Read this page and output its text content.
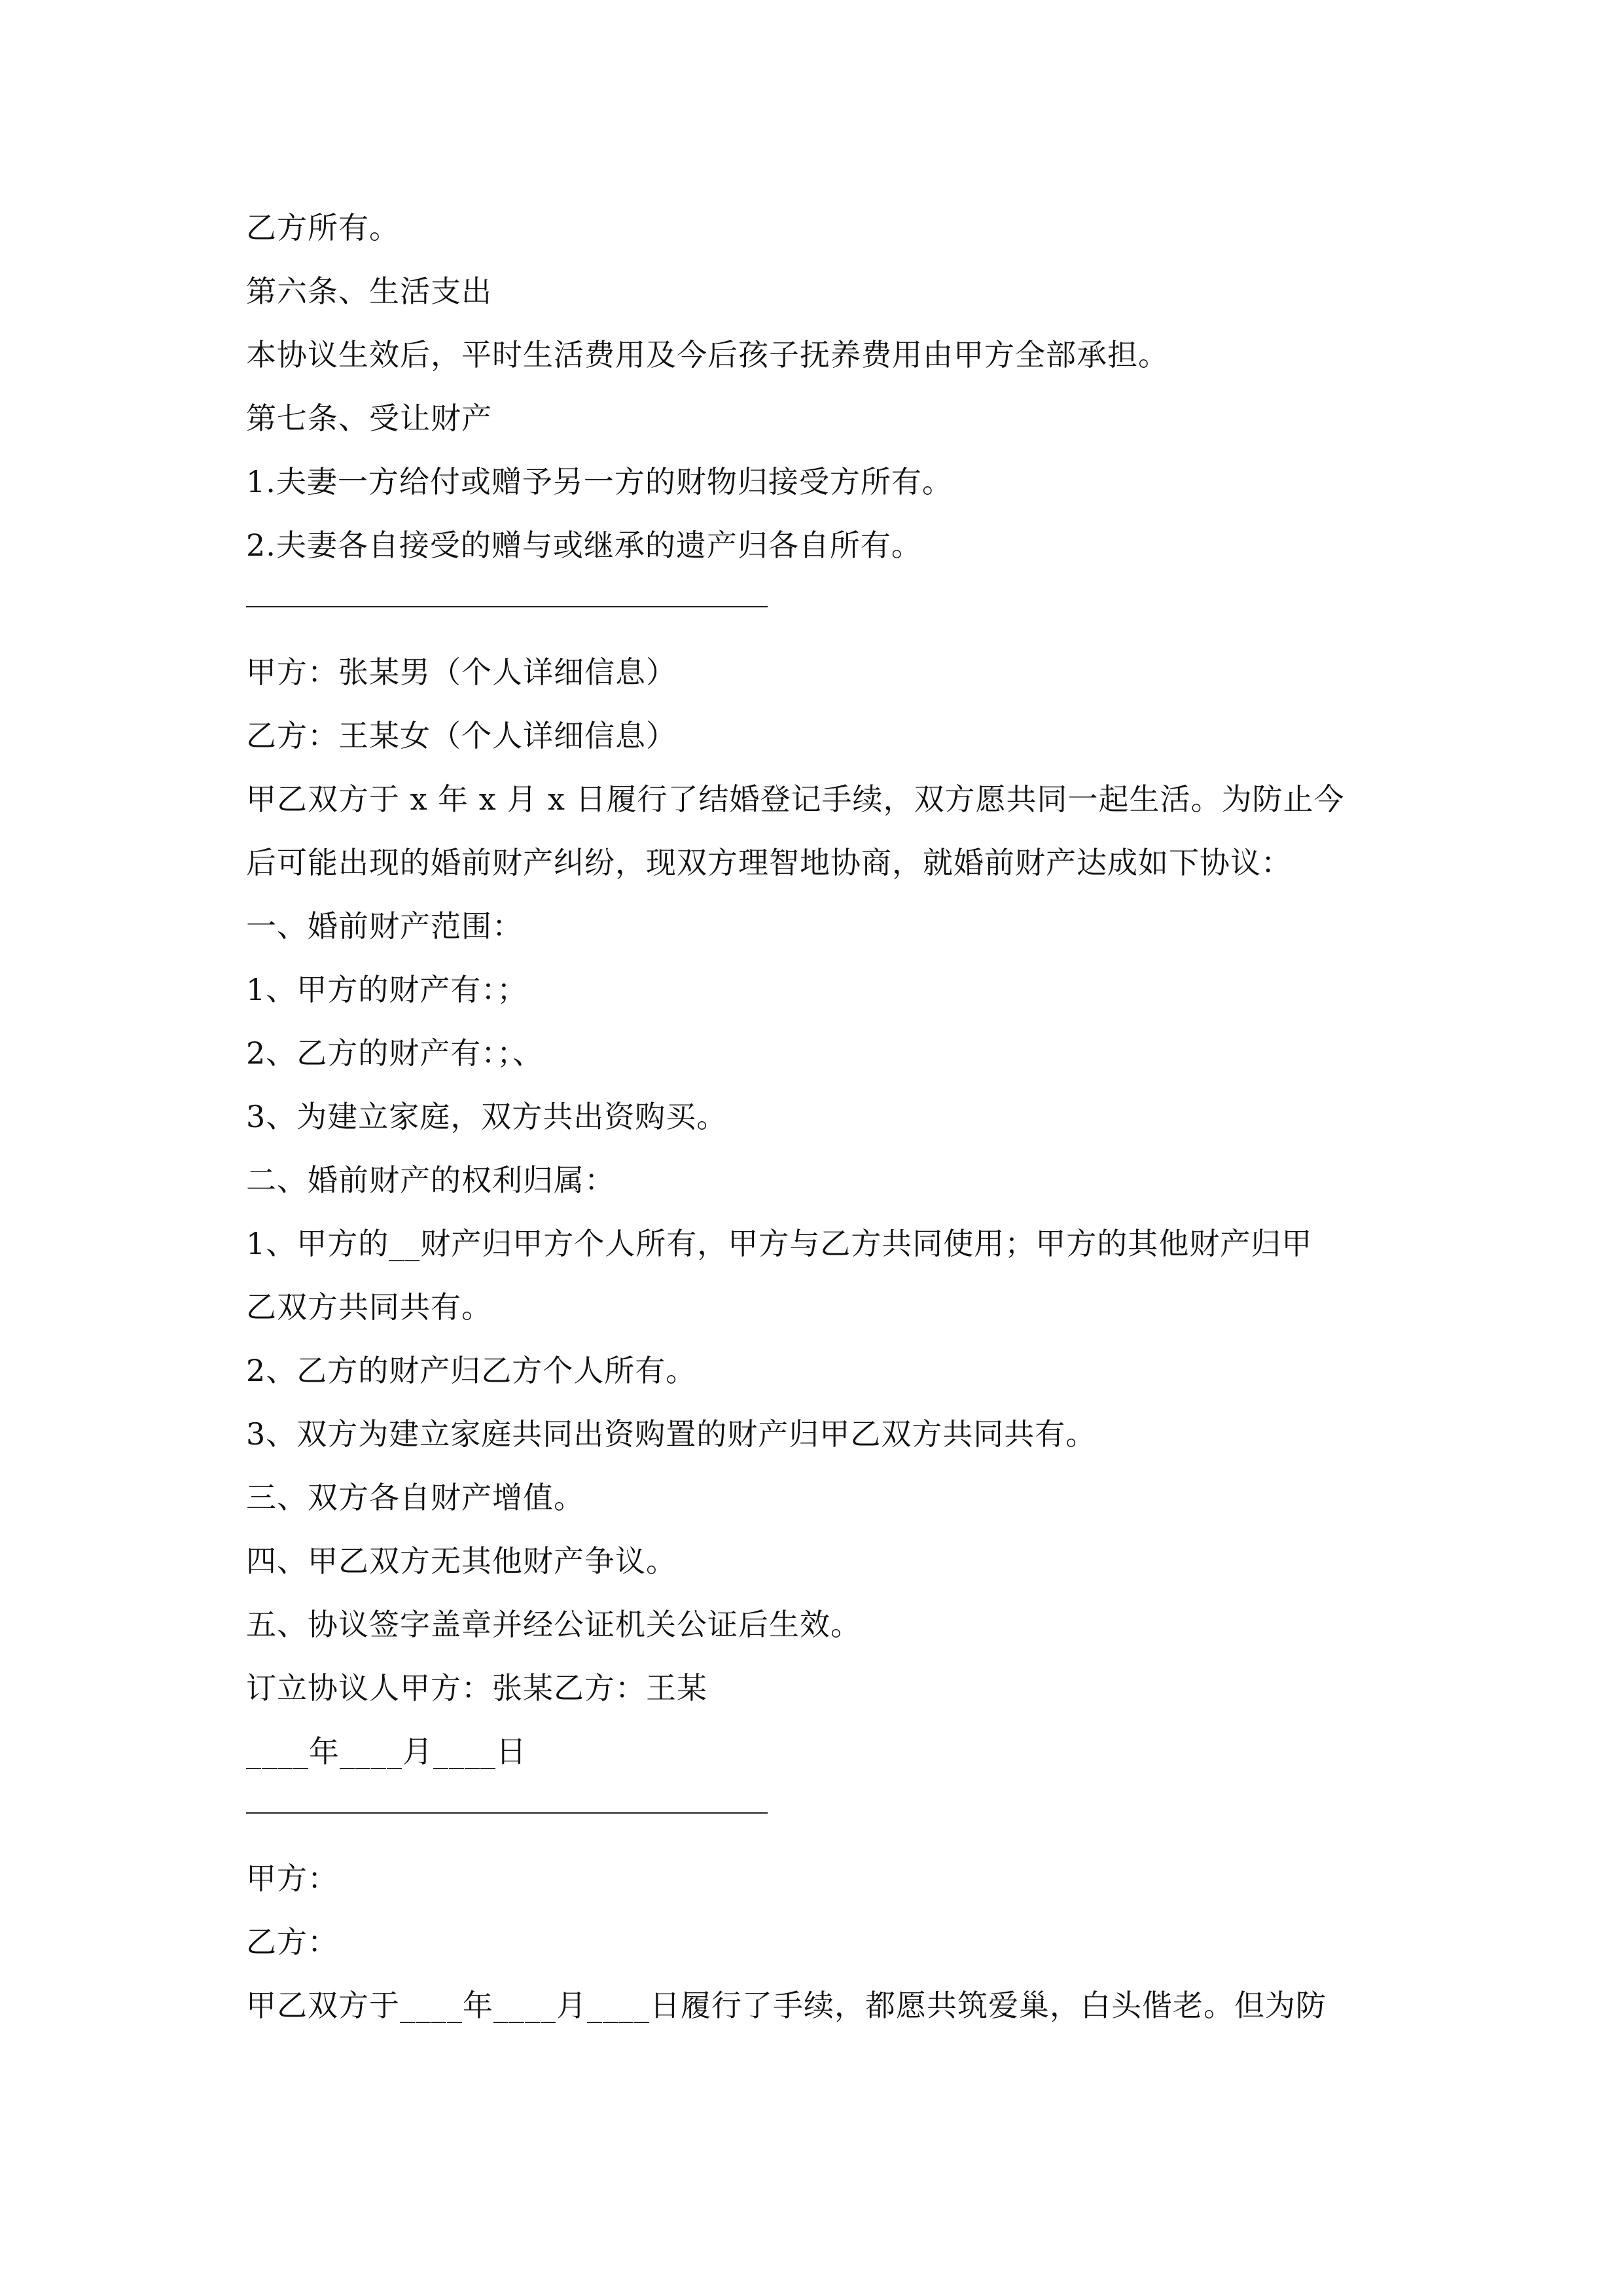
乙方所有。
第六条、生活支出
本协议生效后，平时生活费用及今后孩子抚养费用由甲方全部承担。
第七条、受让财产
1.夫妻一方给付或赠予另一方的财物归接受方所有。
2.夫妻各自接受的赠与或继承的遗产归各自所有。
甲方：张某男（个人详细信息）
乙方：王某女（个人详细信息）
甲乙双方于 x 年 x 月 x 日履行了结婚登记手续，双方愿共同一起生活。为防止今
后可能出现的婚前财产纠纷，现双方理智地协商，就婚前财产达成如下协议：
一、婚前财产范围：
1、甲方的财产有：；
2、乙方的财产有：；、
3、为建立家庭，双方共出资购买。
二、婚前财产的权利归属：
1、甲方的__财产归甲方个人所有，甲方与乙方共同使用；甲方的其他财产归甲
乙双方共同共有。
2、乙方的财产归乙方个人所有。
3、双方为建立家庭共同出资购置的财产归甲乙双方共同共有。
三、双方各自财产增值。
四、甲乙双方无其他财产争议。
五、协议签字盖章并经公证机关公证后生效。
订立协议人甲方：张某乙方：王某
____年____月____日
甲方：
乙方：
甲乙双方于____年____月____日履行了手续，都愿共筑爱巢，白头偕老。但为防
